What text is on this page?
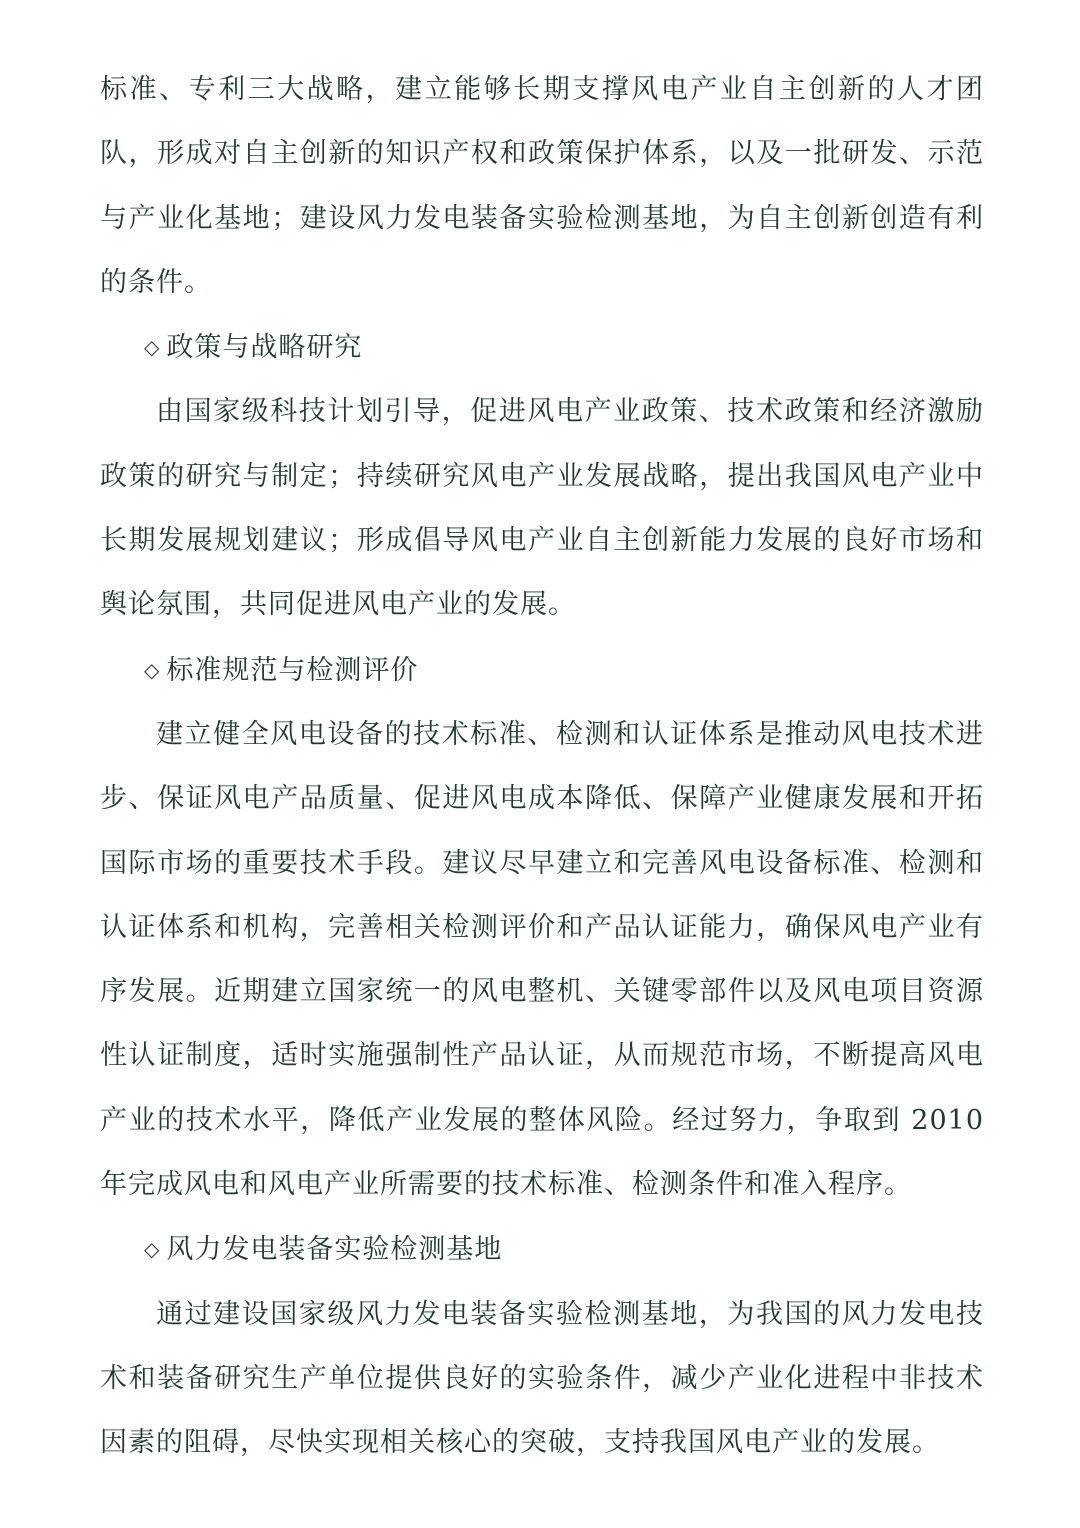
标准、专利三大战略，建立能够长期支撑风电产业自主创新的人才团队，形成对自主创新的知识产权和政策保护体系，以及一批研发、示范与产业化基地；建设风力发电装备实验检测基地，为自主创新创造有利的条件。

◇ 政策与战略研究

由国家级科技计划引导，促进风电产业政策、技术政策和经济激励政策的研究与制定；持续研究风电产业发展战略，提出我国风电产业中长期发展规划建议；形成倡导风电产业自主创新能力发展的良好市场和舆论氛围，共同促进风电产业的发展。

◇ 标准规范与检测评价

建立健全风电设备的技术标准、检测和认证体系是推动风电技术进步、保证风电产品质量、促进风电成本降低、保障产业健康发展和开拓国际市场的重要技术手段。建议尽早建立和完善风电设备标准、检测和认证体系和机构，完善相关检测评价和产品认证能力，确保风电产业有序发展。近期建立国家统一的风电整机、关键零部件以及风电项目资源性认证制度，适时实施强制性产品认证，从而规范市场，不断提高风电产业的技术水平，降低产业发展的整体风险。经过努力，争取到 2010 年完成风电和风电产业所需要的技术标准、检测条件和准入程序。

◇ 风力发电装备实验检测基地

通过建设国家级风力发电装备实验检测基地，为我国的风力发电技术和装备研究生产单位提供良好的实验条件，减少产业化进程中非技术因素的阻碍，尽快实现相关核心的突破，支持我国风电产业的发展。
